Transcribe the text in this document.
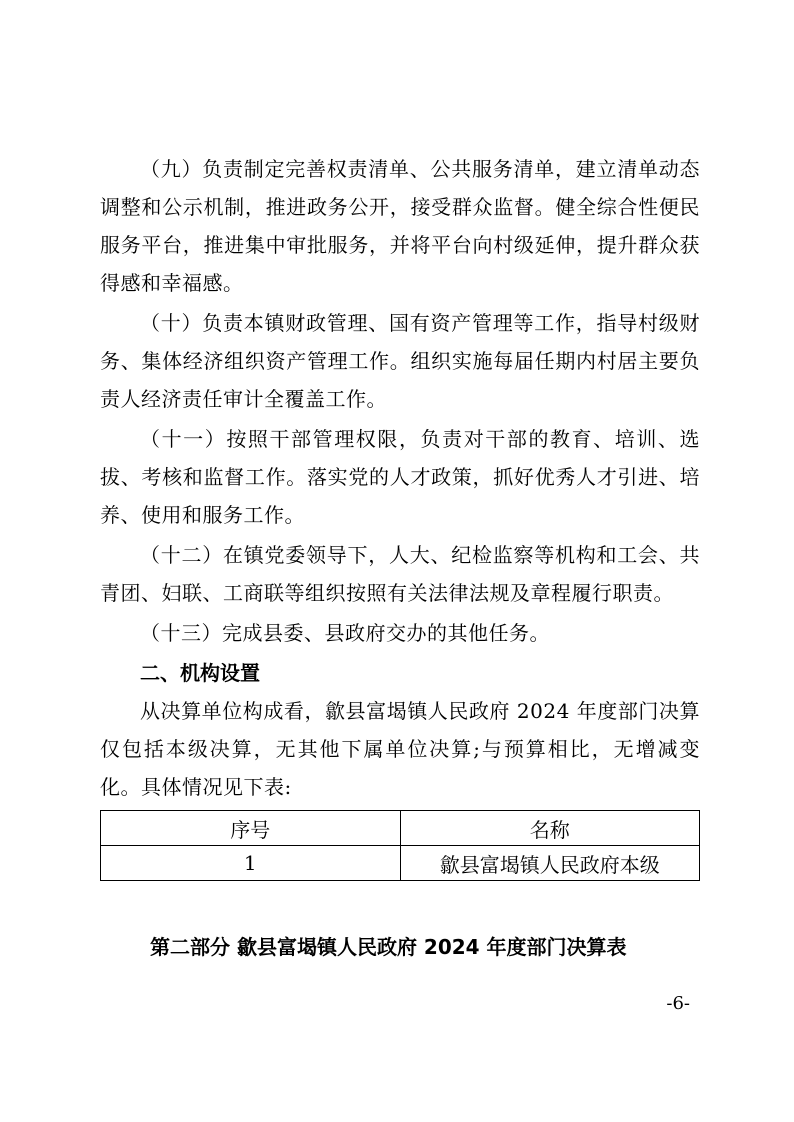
（九）负责制定完善权责清单、公共服务清单，建立清单动态调整和公示机制，推进政务公开，接受群众监督。健全综合性便民服务平台，推进集中审批服务，并将平台向村级延伸，提升群众获得感和幸福感。

（十）负责本镇财政管理、国有资产管理等工作，指导村级财务、集体经济组织资产管理工作。组织实施每届任期内村居主要负责人经济责任审计全覆盖工作。

（十一）按照干部管理权限，负责对干部的教育、培训、选拔、考核和监督工作。落实党的人才政策，抓好优秀人才引进、培养、使用和服务工作。

（十二）在镇党委领导下，人大、纪检监察等机构和工会、共青团、妇联、工商联等组织按照有关法律法规及章程履行职责。

（十三）完成县委、县政府交办的其他任务。

二、机构设置

从决算单位构成看，歙县富堨镇人民政府 2024 年度部门决算仅包括本级决算，无其他下属单位决算;与预算相比，无增减变化。具体情况见下表:

序号	名称
1	歙县富堨镇人民政府本级
第二部分 歙县富堨镇人民政府 2024 年度部门决算表
-6-
